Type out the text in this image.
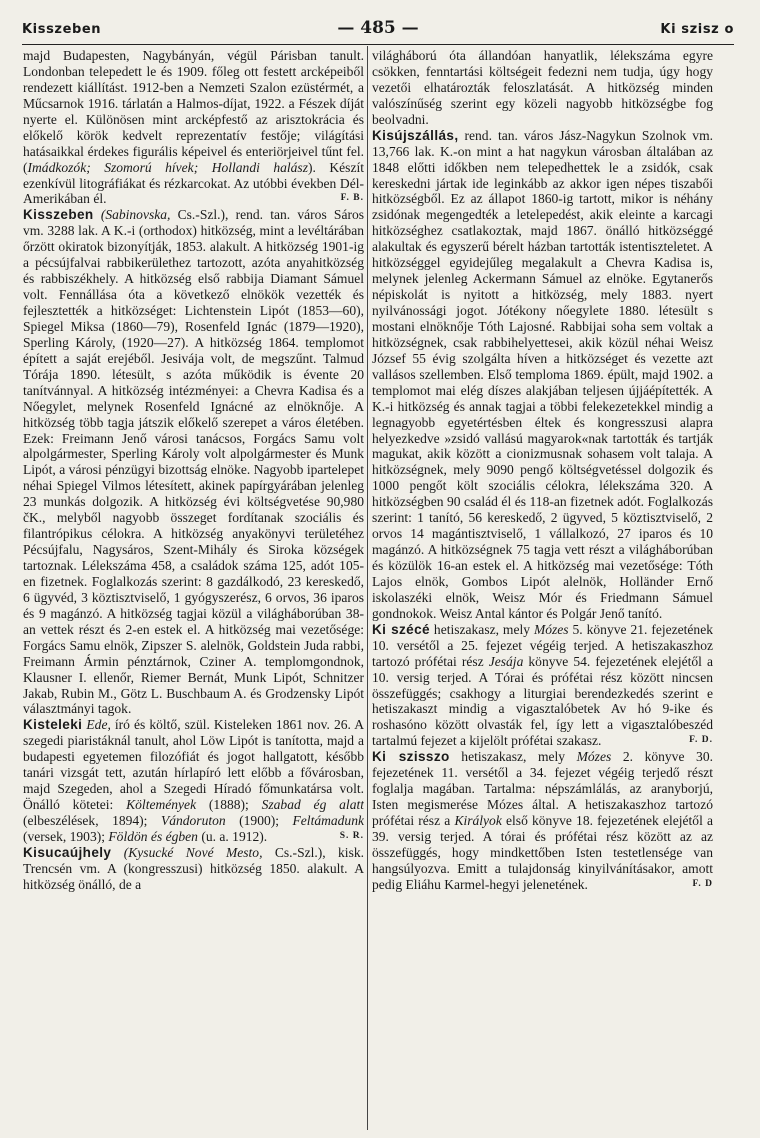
Kisszeben	— 485 —	Ki szisz o

majd Budapesten, Nagybányán, végül Párisban tanult. Londonban telepedett le és 1909. főleg ott festett arcképeiből rendezett kiállítást. 1912-ben a Nemzeti Szalon ezüstérmét, a Műcsarnok 1916. tárlatán a Halmos-díjat, 1922. a Fészek díját nyerte el. Különösen mint arcképfestő az arisztokrácia és előkelő körök kedvelt reprezentatív festője; világítási hatásaikkal érdekes figurális képeivel és enteriörjeivel tűnt fel. (Imádkozók; Szomorú hívek; Hollandi halász). Készít ezenkívül litográfiákat és rézkarcokat. Az utóbbi években Dél-Amerikában él.	F. B.

Kisszeben (Sabinovska, Cs.-Szl.), rend. tan. város Sáros vm. 3288 lak. A K.-i (orthodox) hitközség, mint a levéltárában őrzött okiratok bizonyítják, 1853. alakult. A hitközség 1901-ig a pécsújfalvai rabbikerülethez tartozott, azóta anyahitközség és rabbiszékhely. A hitközség első rabbija Diamant Sámuel volt. Fennállása óta a következő elnökök vezették és fejlesztették a hitközséget: Lichtenstein Lipót (1853—60), Spiegel Miksa (1860—79), Rosenfeld Ignác (1879—1920), Sperling Károly, (1920—27). A hitközség 1864. templomot épített a saját erejéből. Jesivája volt, de megszűnt. Talmud Tórája 1890. létesült, s azóta működik is évente 20 tanítvánnyal. A hitközség intézményei: a Chevra Kadisa és a Nőegylet, melynek Rosenfeld Ignácné az elnöknője. A hitközség több tagja játszik előkelő szerepet a város életében. Ezek: Freimann Jenő városi tanácsos, Forgács Samu volt alpolgármester, Sperling Károly volt alpolgármester és Munk Lipót, a városi pénzügyi bizottság elnöke. Nagyobb ipartelepet néhai Spiegel Vilmos létesített, akinek papírgyárában jelenleg 23 munkás dolgozik. A hitközség évi költségvetése 90,980 čK., melyből nagyobb összeget fordítanak szociális és filantrópikus célokra. A hitközség anyakönyvi területéhez Pécsújfalu, Nagysáros, Szent-Mihály és Siroka községek tartoznak. Lélekszáma 458, a családok száma 125, adót 105-en fizetnek. Foglalkozás szerint: 8 gazdálkodó, 23 kereskedő, 6 ügyvéd, 3 köztisztviselő, 1 gyógyszerész, 6 orvos, 36 iparos és 9 magánzó. A hitközség tagjai közül a világháborúban 38-an vettek részt és 2-en estek el. A hitközség mai vezetősége: Forgács Samu elnök, Zipszer S. alelnök, Goldstein Juda rabbi, Freimann Ármin pénztárnok, Cziner A. templomgondnok, Klausner I. ellenőr, Riemer Bernát, Munk Lipót, Schnitzer Jakab, Rubin M., Götz L. Buschbaum A. és Grodzensky Lipót választmányi tagok.

Kisteleki Ede, író és költő, szül. Kisteleken 1861 nov. 26. A szegedi piaristáknál tanult, ahol Löw Lipót is tanította, majd a budapesti egyetemen filozófiát és jogot hallgatott, később tanári vizsgát tett, azután hírlapíró lett előbb a fővárosban, majd Szegeden, ahol a Szegedi Híradó főmunkatársa volt. Önálló kötetei: Költemények (1888); Szabad ég alatt (elbeszélések, 1894); Vándoruton (1900); Feltámadunk (versek, 1903); Földön és égben (u. a. 1912).	S. R.

Kisucaújhely (Kysucké Nové Mesto, Cs.-Szl.), kisk. Trencsén vm. A (kongresszusi) hitközség 1850. alakult. A hitközség önálló, de a

világháború óta állandóan hanyatlik, lélekszáma egyre csökken, fenntartási költségeit fedezni nem tudja, úgy hogy vezetői elhatározták feloszlatását. A hitközség minden valószínűség szerint egy közeli nagyobb hitközségbe fog beolvadni.

Kisújszállás, rend. tan. város Jász-Nagykun Szolnok vm. 13,766 lak. K.-on mint a hat nagykun városban általában az 1848 előtti időkben nem telepedhettek le a zsidók, csak kereskedni jártak ide leginkább az akkor igen népes tiszabői hitközségből. Ez az állapot 1860-ig tartott, mikor is néhány zsidónak megengedték a letelepedést, akik eleinte a karcagi hitközséghez csatlakoztak, majd 1867. önálló hitközséggé alakultak és egyszerű bérelt házban tartották istentiszteletet. A hitközséggel egyidejűleg megalakult a Chevra Kadisa is, melynek jelenleg Ackermann Sámuel az elnöke. Egytanerős népiskolát is nyitott a hitközség, mely 1883. nyert nyilvánossági jogot. Jótékony nőegylete 1880. létesült s mostani elnöknője Tóth Lajosné. Rabbijai soha sem voltak a hitközségnek, csak rabbihelyettesei, akik közül néhai Weisz József 55 évig szolgálta híven a hitközséget és vezette azt vallásos szellemben. Első temploma 1869. épült, majd 1902. a templomot mai elég díszes alakjában teljesen újjáépítették. A K.-i hitközség és annak tagjai a többi felekezetekkel mindig a legnagyobb egyetértésben éltek és kongresszusi alapra helyezkedve »zsidó vallású magyarok«nak tartották és tartják magukat, akik között a cionizmusnak sohasem volt talaja. A hitközségnek, mely 9090 pengő költségvetéssel dolgozik és 1000 pengőt költ szociális célokra, lélekszáma 320. A hitközségben 90 család él és 118-an fizetnek adót. Foglalkozás szerint: 1 tanító, 56 kereskedő, 2 ügyved, 5 köztisztviselő, 2 orvos 14 magántisztviselő, 1 vállalkozó, 27 iparos és 10 magánzó. A hitközségnek 75 tagja vett részt a világháborúban és közülök 16-an estek el. A hitközség mai vezetősége: Tóth Lajos elnök, Gombos Lipót alelnök, Holländer Ernő iskolaszéki elnök, Weisz Mór és Friedmann Sámuel gondnokok. Weisz Antal kántor és Polgár Jenő tanító.

Ki szécé hetiszakasz, mely Mózes 5. könyve 21. fejezetének 10. versétől a 25. fejezet végéig terjed. A hetiszakaszhoz tartozó prófétai rész Jesája könyve 54. fejezetének elejétől a 10. versig terjed. A Tórai és prófétai rész között nincsen összefüggés; csakhogy a liturgiai berendezkedés szerint e hetiszakaszt mindig a vigasztalóbetek Av hó 9-ike és roshasóno között olvasták fel, így lett a vigasztalóbeszéd tartalmú fejezet a kijelölt prófétai szakasz.	F. D.

Ki szisszo hetiszakasz, mely Mózes 2. könyve 30. fejezetének 11. versétől a 34. fejezet végéig terjedő részt foglalja magában. Tartalma: népszámlálás, az aranyborjú, Isten megismerése Mózes által. A hetiszakaszhoz tartozó prófétai rész a Királyok első könyve 18. fejezetének elejétől a 39. versig terjed. A tórai és prófétai rész között az az összefüggés, hogy mindkettőben Isten testetlensége van hangsúlyozva. Emitt a tulajdonság kinyilvánításakor, amott pedig Eliáhu Karmel-hegyi jelenetének.	F. D
